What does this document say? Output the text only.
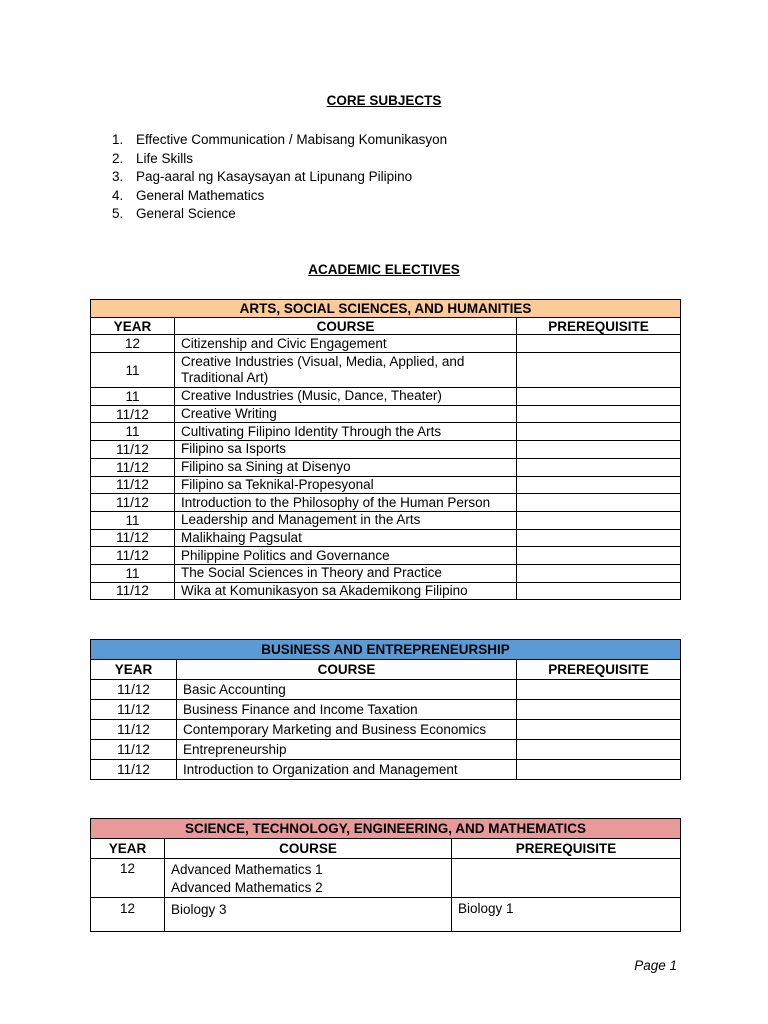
CORE SUBJECTS
1. Effective Communication / Mabisang Komunikasyon
2. Life Skills
3. Pag-aaral ng Kasaysayan at Lipunang Pilipino
4. General Mathematics
5. General Science
ACADEMIC ELECTIVES
ARTS, SOCIAL SCIENCES, AND HUMANITIES		
YEAR	COURSE	PREREQUISITE
12	Citizenship and Civic Engagement	
11	Creative Industries (Visual, Media, Applied, and Traditional Art)	
11	Creative Industries (Music, Dance, Theater)	
11/12	Creative Writing	
11	Cultivating Filipino Identity Through the Arts	
11/12	Filipino sa Isports	
11/12	Filipino sa Sining at Disenyo	
11/12	Filipino sa Teknikal-Propesyonal	
11/12	Introduction to the Philosophy of the Human Person	
11	Leadership and Management in the Arts	
11/12	Malikhaing Pagsulat	
11/12	Philippine Politics and Governance	
11	The Social Sciences in Theory and Practice	
11/12	Wika at Komunikasyon sa Akademikong Filipino	
BUSINESS AND ENTREPRENEURSHIP		
YEAR	COURSE	PREREQUISITE
11/12	Basic Accounting	
11/12	Business Finance and Income Taxation	
11/12	Contemporary Marketing and Business Economics	
11/12	Entrepreneurship	
11/12	Introduction to Organization and Management	
SCIENCE, TECHNOLOGY, ENGINEERING, AND MATHEMATICS		
YEAR	COURSE	PREREQUISITE
12	Advanced Mathematics 1
Advanced Mathematics 2	

12	Biology 3	Biology 1
Page 1
